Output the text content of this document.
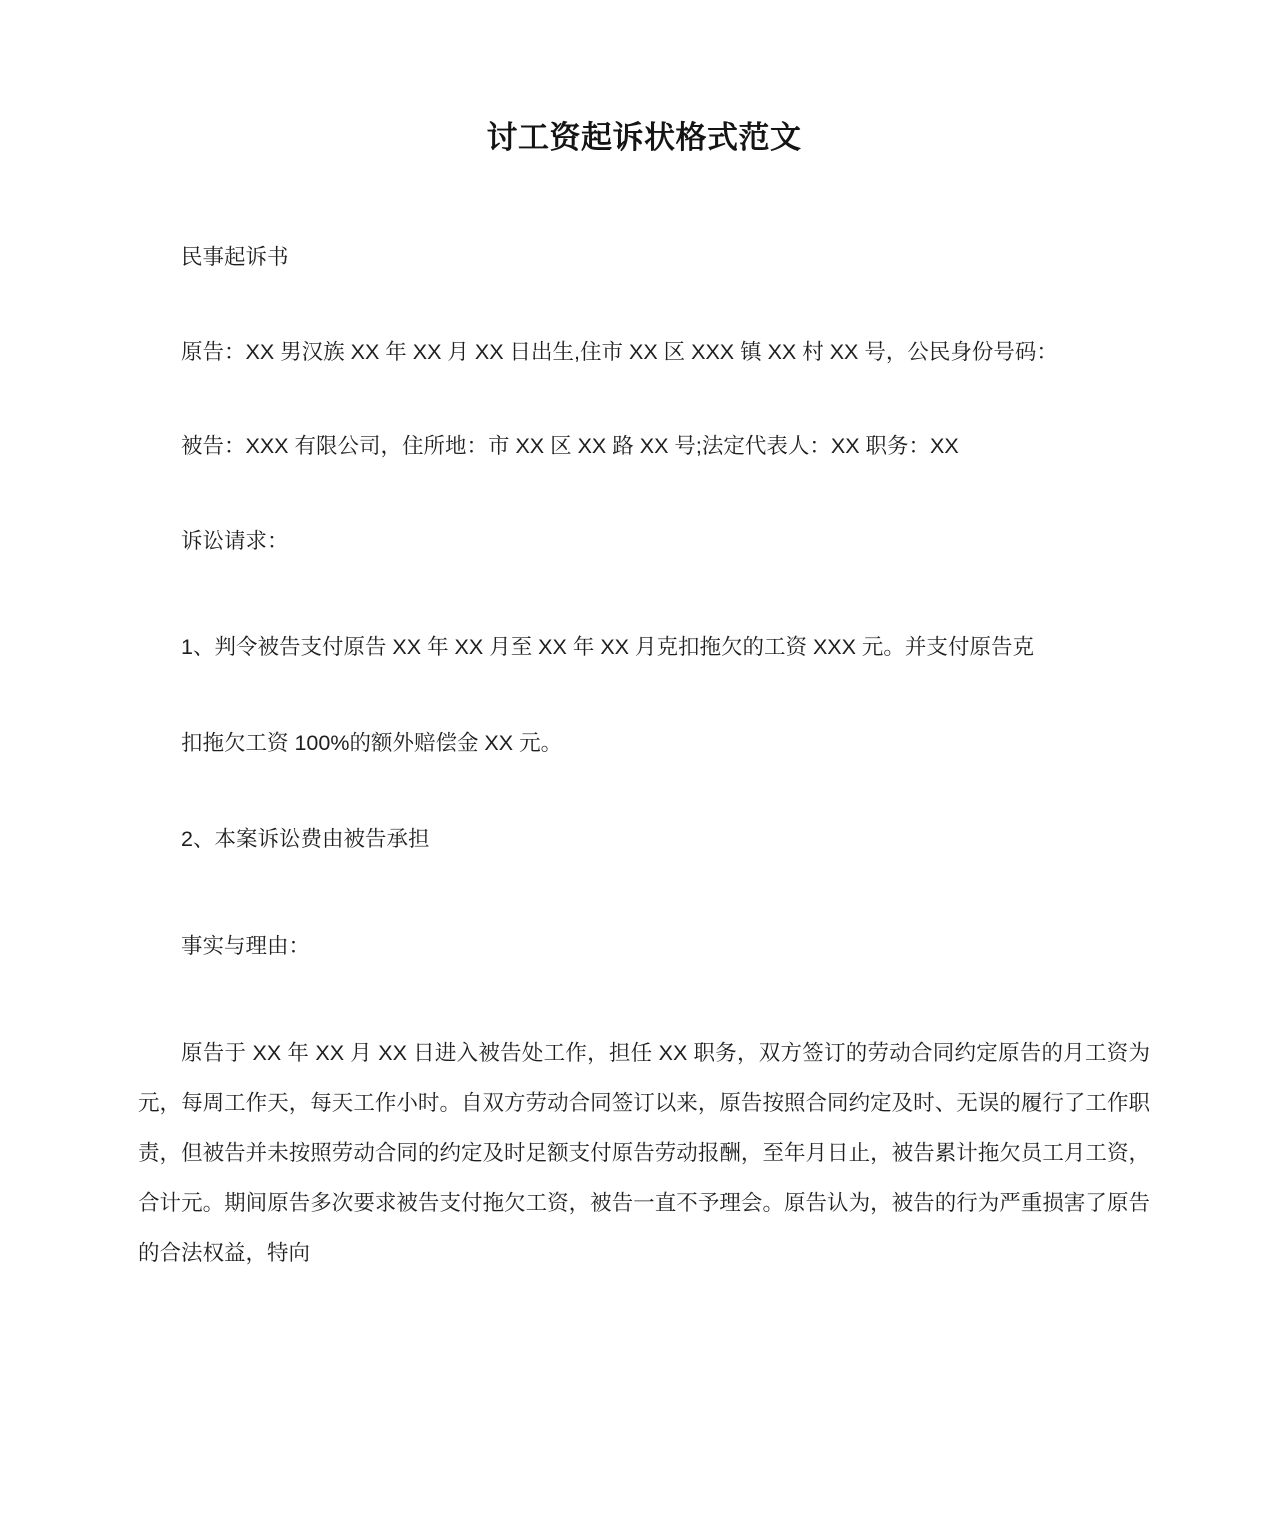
讨工资起诉状格式范文

民事起诉书

原告：XX 男汉族 XX 年 XX 月 XX 日出生,住市 XX 区 XXX 镇 XX 村 XX 号，公民身份号码：

被告：XXX 有限公司，住所地：市 XX 区 XX 路 XX 号;法定代表人：XX 职务：XX

诉讼请求：

1、判令被告支付原告 XX 年 XX 月至 XX 年 XX 月克扣拖欠的工资 XXX 元。并支付原告克

扣拖欠工资 100%的额外赔偿金 XX 元。

2、本案诉讼费由被告承担

事实与理由：

原告于 XX 年 XX 月 XX 日进入被告处工作，担任 XX 职务，双方签订的劳动合同约定原告的月工资为元，每周工作天，每天工作小时。自双方劳动合同签订以来，原告按照合同约定及时、无误的履行了工作职责，但被告并未按照劳动合同的约定及时足额支付原告劳动报酬，至年月日止，被告累计拖欠员工月工资，合计元。期间原告多次要求被告支付拖欠工资，被告一直不予理会。原告认为，被告的行为严重损害了原告的合法权益，特向
